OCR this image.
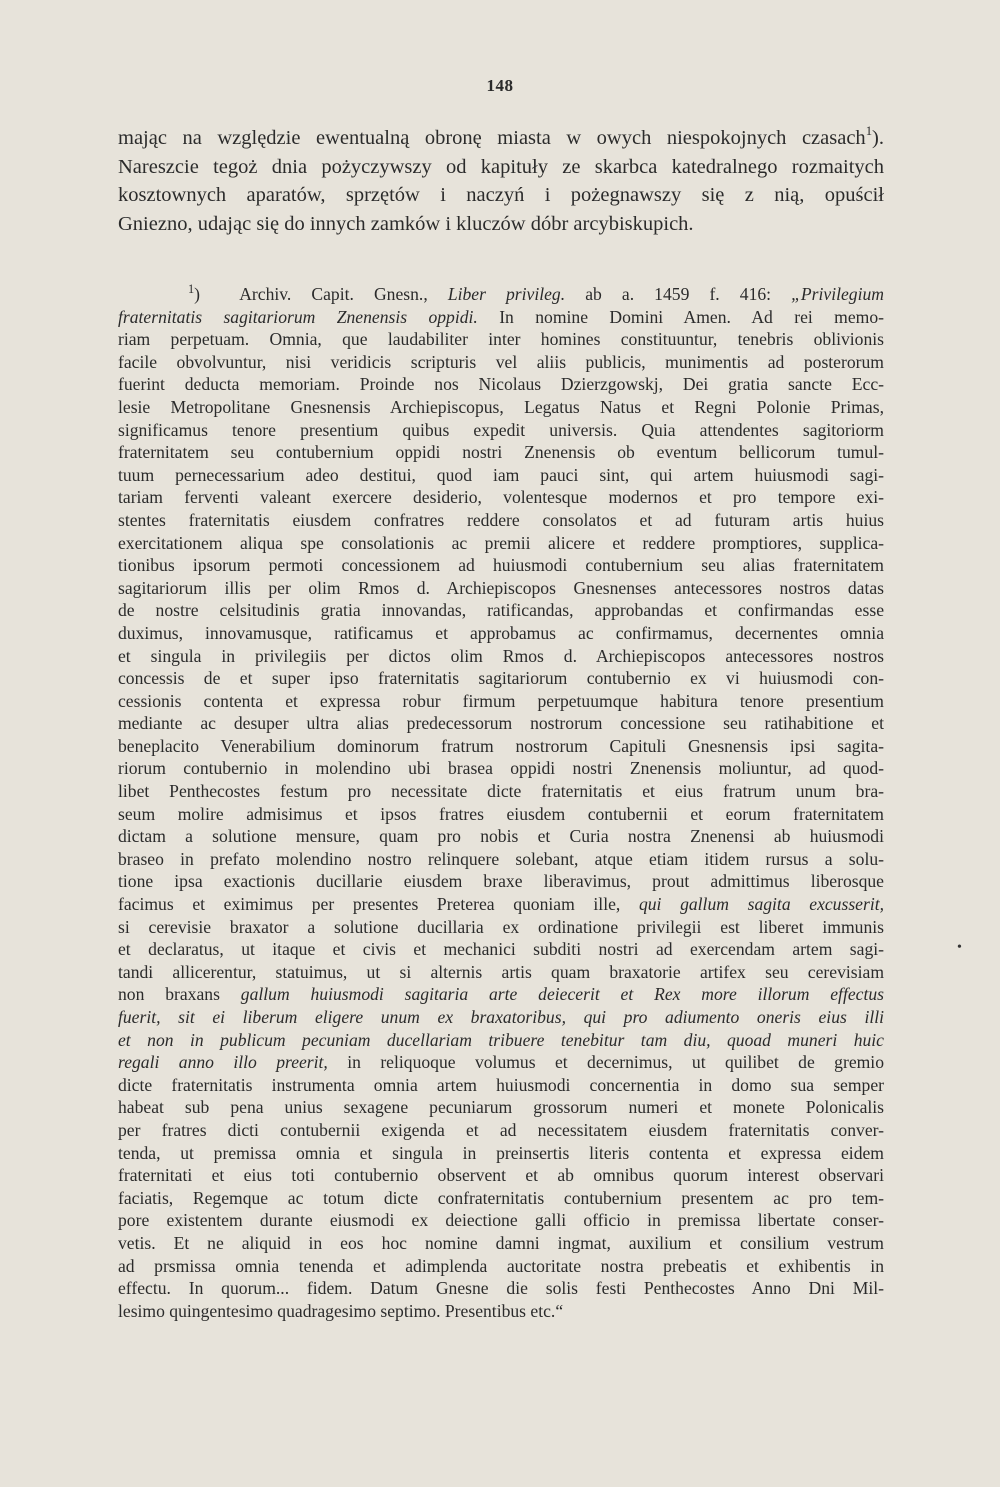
148

mając na względzie ewentualną obronę miasta w owych niespokojnych czasach$^1$).
Nareszcie tegoż dnia pożyczywszy od kapituły ze skarbca katedralnego rozmaitych
kosztownych aparatów, sprzętów i naczyń i pożegnawszy się z nią, opuścił
Gniezno, udając się do innych zamków i kluczów dóbr arcybiskupich.

$^1$) Archiv. Capit. Gnesn., Liber privileg. ab a. 1459 f. 416: „Privilegium
fraternitatis sagitariorum Znenensis oppidi. In nomine Domini Amen. Ad rei memo-
riam perpetuam. Omnia, que laudabiliter inter homines constituuntur, tenebris oblivionis
facile obvolvuntur, nisi veridicis scripturis vel aliis publicis, munimentis ad posterorum
fuerint deducta memoriam. Proinde nos Nicolaus Dzierzgowskj, Dei gratia sancte Ecc-
lesie Metropolitane Gnesnensis Archiepiscopus, Legatus Natus et Regni Polonie Primas,
significamus tenore presentium quibus expedit universis. Quia attendentes sagitoriorm
fraternitatem seu contubernium oppidi nostri Znenensis ob eventum bellicorum tumul-
tuum pernecessarium adeo destitui, quod iam pauci sint, qui artem huiusmodi sagi-
tariam ferventi valeant exercere desiderio, volentesque modernos et pro tempore exi-
stentes fraternitatis eiusdem confratres reddere consolatos et ad futuram artis huius
exercitationem aliqua spe consolationis ac premii alicere et reddere promptiores, supplica-
tionibus ipsorum permoti concessionem ad huiusmodi contubernium seu alias fraternitatem
sagitariorum illis per olim Rmos d. Archiepiscopos Gnesnenses antecessores nostros datas
de nostre celsitudinis gratia innovandas, ratificandas, approbandas et confirmandas esse
duximus, innovamusque, ratificamus et approbamus ac confirmamus, decernentes omnia
et singula in privilegiis per dictos olim Rmos d. Archiepiscopos antecessores nostros
concessis de et super ipso fraternitatis sagitariorum contubernio ex vi huiusmodi con-
cessionis contenta et expressa robur firmum perpetuumque habitura tenore presentium
mediante ac desuper ultra alias predecessorum nostrorum concessione seu ratihabitione et
beneplacito Venerabilium dominorum fratrum nostrorum Capituli Gnesnensis ipsi sagita-
riorum contubernio in molendino ubi brasea oppidi nostri Znenensis moliuntur, ad quod-
libet Penthecostes festum pro necessitate dicte fraternitatis et eius fratrum unum bra-
seum molire admisimus et ipsos fratres eiusdem contubernii et eorum fraternitatem
dictam a solutione mensure, quam pro nobis et Curia nostra Znenensi ab huiusmodi
braseo in prefato molendino nostro relinquere solebant, atque etiam itidem rursus a solu-
tione ipsa exactionis ducillarie eiusdem braxe liberavimus, prout admittimus liberosque
facimus et eximimus per presentes Preterea quoniam ille, qui gallum sagita excusserit,
si cerevisie braxator a solutione ducillaria ex ordinatione privilegii est liberet immunis
et declaratus, ut itaque et civis et mechanici subditi nostri ad exercendam artem sagi-
tandi allicerentur, statuimus, ut si alternis artis quam braxatorie artifex seu cerevisiam
non braxans gallum huiusmodi sagitaria arte deiecerit et Rex more illorum effectus
fuerit, sit ei liberum eligere unum ex braxatoribus, qui pro adiumento oneris eius illi
et non in publicum pecuniam ducellariam tribuere tenebitur tam diu, quoad muneri huic
regali anno illo preerit, in reliquoque volumus et decernimus, ut quilibet de gremio
dicte fraternitatis instrumenta omnia artem huiusmodi concernentia in domo sua semper
habeat sub pena unius sexagene pecuniarum grossorum numeri et monete Polonicalis
per fratres dicti contubernii exigenda et ad necessitatem eiusdem fraternitatis conver-
tenda, ut premissa omnia et singula in preinsertis literis contenta et expressa eidem
fraternitati et eius toti contubernio observent et ab omnibus quorum interest observari
faciatis, Regemque ac totum dicte confraternitatis contubernium presentem ac pro tem-
pore existentem durante eiusmodi ex deiectione galli officio in premissa libertate conser-
vetis. Et ne aliquid in eos hoc nomine damni ingmat, auxilium et consilium vestrum
ad prsmissa omnia tenenda et adimplenda auctoritate nostra prebeatis et exhibentis in
effectu. In quorum... fidem. Datum Gnesne die solis festi Penthecostes Anno Dni Mil-
lesimo quingentesimo quadragesimo septimo. Presentibus etc.“

•
